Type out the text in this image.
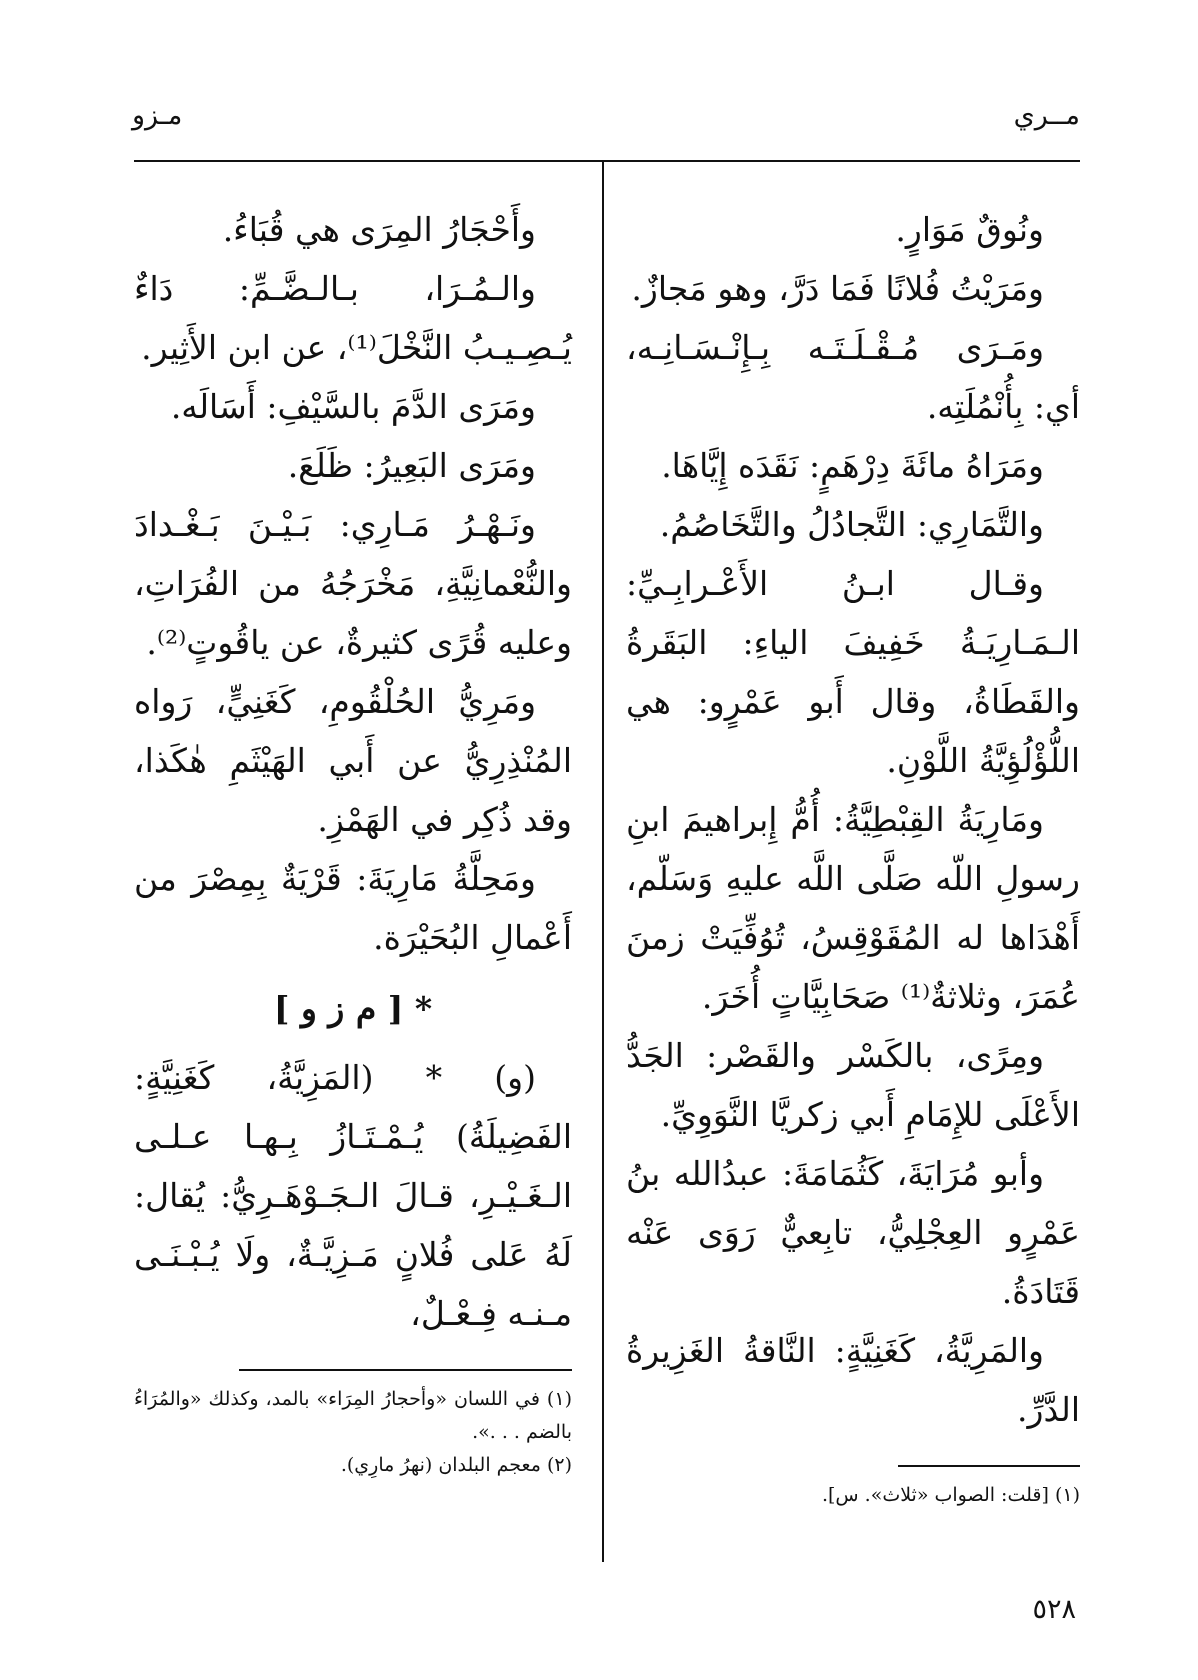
مــري
مـزو

ونُوقٌ مَوَارٍ.

ومَرَيْتُ فُلانًا فَمَا دَرَّ، وهو مَجازٌ.

ومَـرَى مُـقْـلَـتَـه بِـإِنْـسَـانِـه، أي: بِأُنْمُلَتِه.

ومَرَاهُ مائَةَ دِرْهَمٍ: نَقَدَه إِيَّاهَا.

والتَّمَارِي: التَّجادُلُ والتَّخَاصُمُ.

وقـال ابـنُ الأَعْـرابِـيِّ: الـمَـارِيَـةُ خَفِيفَ الياءِ: البَقَرةُ والقَطَاةُ، وقال أَبو عَمْرٍو: هي اللُّؤْلُؤِيَّةُ اللَّوْنِ.

ومَارِيَةُ القِبْطِيَّةُ: أُمُّ إِبراهيمَ ابنِ رسولِ اللّه صَلَّى اللَّه عليهِ وَسَلّم، أَهْدَاها له المُقَوْقِسُ، تُوُفِّيَتْ زمنَ عُمَرَ، وثلاثةٌ⁽¹⁾ صَحَابِيَّاتٍ أُخَرَ.

ومِرًى، بالكَسْر والقَصْر: الجَدُّ الأَعْلَى للإِمَامِ أَبي زكريَّا النَّوَوِيِّ.

وأبو مُرَايَةَ، كَثُمَامَةَ: عبدُالله بنُ عَمْرٍو العِجْلِيُّ، تابِعيٌّ رَوَى عَنْه قَتَادَةُ.

والمَرِيَّةُ، كَغَنِيَّةٍ: النَّاقةُ الغَزِيرةُ الدَّرِّ.

(١) [قلت: الصواب «ثلاث». س].

وأَحْجَارُ المِرَى هي قُبَاءُ.

والـمُـرَا، بـالـضَّـمِّ: دَاءٌ يُـصِـيـبُ النَّخْلَ⁽¹⁾، عن ابن الأَثِير.

ومَرَى الدَّمَ بالسَّيْفِ: أَسَالَه.

ومَرَى البَعِيرُ: ظَلَعَ.

ونَـهْـرُ مَـارِي: بَـيْـنَ بَـغْـدادَ والنُّعْمانِيَّةِ، مَخْرَجُهُ من الفُرَاتِ، وعليه قُرًى كثيرةٌ، عن ياقُوتٍ⁽²⁾.

ومَرِيُّ الحُلْقُومِ، كَغَنِيٍّ، رَواه المُنْذِرِيُّ عن أَبي الهَيْثَمِ هٰكَذا، وقد ذُكِر في الهَمْزِ.

ومَحِلَّةُ مَارِيَةَ: قَرْيَةٌ بِمِصْرَ من أَعْمالِ البُحَيْرَة.

* [ م ز و ]

(و) * (المَزِيَّةُ، كَغَنِيَّةٍ: الفَضِيلَةُ) يُـمْـتَـازُ بِـهـا عـلـى الـغَـيْـرِ، قـالَ الـجَـوْهَـرِيُّ: يُقال: لَهُ عَلى فُلانٍ مَـزِيَّـةٌ، ولَا يُـبْـنَـى مـنـه فِـعْـلٌ،

(١) في اللسان «وأحجارُ المِرَاء» بالمد، وكذلك «والمُرَاءُ بالضم . . .».

(٢) معجم البلدان (نهرُ مارِي).

٥٢٨
